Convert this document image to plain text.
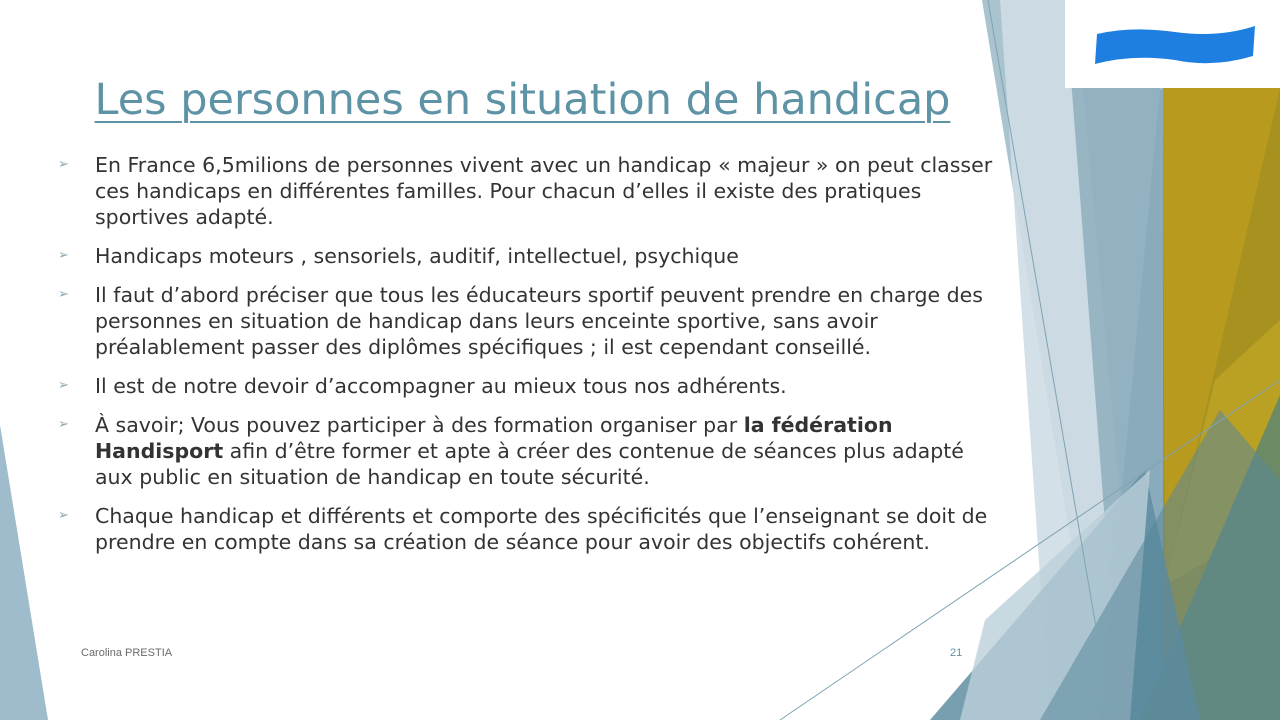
Savoir Sport Santé
Les personnes en situation de handicap
➢ En France 6,5milions de personnes vivent avec un handicap « majeur » on peut classer ces handicaps en différentes familles. Pour chacun d’elles il existe des pratiques sportives adapté.
➢ Handicaps moteurs , sensoriels, auditif, intellectuel, psychique
➢ Il faut d’abord préciser que tous les éducateurs sportif peuvent prendre en charge des personnes en situation de handicap dans leurs enceinte sportive, sans avoir préalablement passer des diplômes spécifiques ; il est cependant conseillé.
➢ Il est de notre devoir d’accompagner au mieux tous nos adhérents.
➢ À savoir; Vous pouvez participer à des formation organiser par la fédération Handisport afin d’être former et apte à créer des contenue de séances plus adapté aux public en situation de handicap en toute sécurité.
➢ Chaque handicap et différents et comporte des spécificités que l’enseignant se doit de prendre en compte dans sa création de séance pour avoir des objectifs cohérent.
Carolina PRESTIA	21
